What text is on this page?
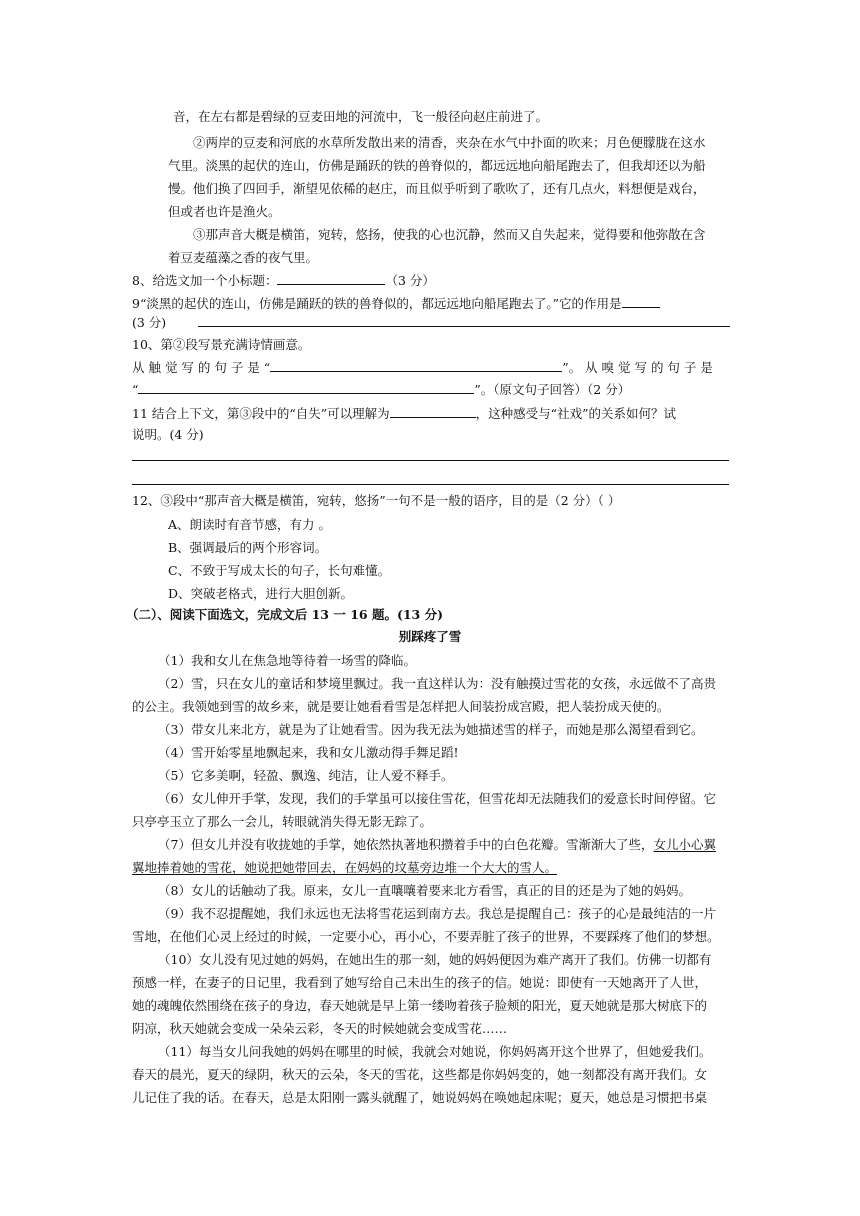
音，在左右都是碧绿的豆麦田地的河流中，飞一般径向赵庄前进了。
②两岸的豆麦和河底的水草所发散出来的清香，夹杂在水气中扑面的吹来；月色便朦胧在这水
气里。淡黑的起伏的连山，仿佛是踊跃的铁的兽脊似的，都远远地向船尾跑去了，但我却还以为船
慢。他们换了四回手，渐望见依稀的赵庄，而且似乎听到了歌吹了，还有几点火，料想便是戏台，
但或者也许是渔火。
③那声音大概是横笛，宛转，悠扬，使我的心也沉静，然而又自失起来，觉得要和他弥散在含
着豆麦蕴藻之香的夜气里。
8、给选文加一个小标题：	（3 分）
9“淡黑的起伏的连山，仿佛是踊跃的铁的兽脊似的，都远远地向船尾跑去了。”它的作用是
(3 分)
10、第②段写景充满诗情画意。
从 触 觉 写 的 句 子 是 “	”。 从 嗅 觉 写 的 句 子 是
“	”。（原文句子回答）（2 分）
11 结合上下文，第③段中的“自失”可以理解为	，这种感受与“社戏”的关系如何？试
说明。(4 分)
12、③段中“那声音大概是横笛，宛转，悠扬”一句不是一般的语序，目的是（2 分）（ ）
A、朗读时有音节感，有力 。
B、强调最后的两个形容词。
C、不致于写成太长的句子，长句难懂。
D、突破老格式，进行大胆创新。
（二）、阅读下面选文，完成文后 13 一 16 题。(13 分)
别踩疼了雪
（1）我和女儿在焦急地等待着一场雪的降临。
（2）雪，只在女儿的童话和梦境里飘过。我一直这样认为：没有触摸过雪花的女孩，永远做不了高贵
的公主。我领她到雪的故乡来，就是要让她看看雪是怎样把人间装扮成宫殿，把人装扮成天使的。
（3）带女儿来北方，就是为了让她看雪。因为我无法为她描述雪的样子，而她是那么渴望看到它。
（4）雪开始零星地飘起来，我和女儿激动得手舞足蹈!
（5）它多美啊，轻盈、飘逸、纯洁，让人爱不释手。
（6）女儿伸开手掌，发现，我们的手掌虽可以接住雪花，但雪花却无法随我们的爱意长时间停留。它
只亭亭玉立了那么一会儿，转眼就消失得无影无踪了。
（7）但女儿并没有收拢她的手掌，她依然执著地积攒着手中的白色花瓣。雪渐渐大了些，女儿小心翼
翼地捧着她的雪花，她说把她带回去，在妈妈的坟墓旁边堆一个大大的雪人。
（8）女儿的话触动了我。原来，女儿一直嚷嚷着要来北方看雪，真正的目的还是为了她的妈妈。
（9）我不忍提醒她，我们永远也无法将雪花运到南方去。我总是提醒自己：孩子的心是最纯洁的一片
雪地，在他们心灵上经过的时候，一定要小心，再小心，不要弄脏了孩子的世界，不要踩疼了他们的梦想。
（10）女儿没有见过她的妈妈，在她出生的那一刻，她的妈妈便因为难产离开了我们。仿佛一切都有
预感一样，在妻子的日记里，我看到了她写给自己未出生的孩子的信。她说：即使有一天她离开了人世，
她的魂魄依然围绕在孩子的身边，春天她就是早上第一缕吻着孩子脸颊的阳光，夏天她就是那大树底下的
阴凉，秋天她就会变成一朵朵云彩，冬天的时候她就会变成雪花……
（11）每当女儿问我她的妈妈在哪里的时候，我就会对她说，你妈妈离开这个世界了，但她爱我们。
春天的晨光，夏天的绿阴，秋天的云朵，冬天的雪花，这些都是你妈妈变的，她一刻都没有离开我们。女
儿记住了我的话。在春天，总是太阳刚一露头就醒了，她说妈妈在唤她起床呢；夏天，她总是习惯把书桌
